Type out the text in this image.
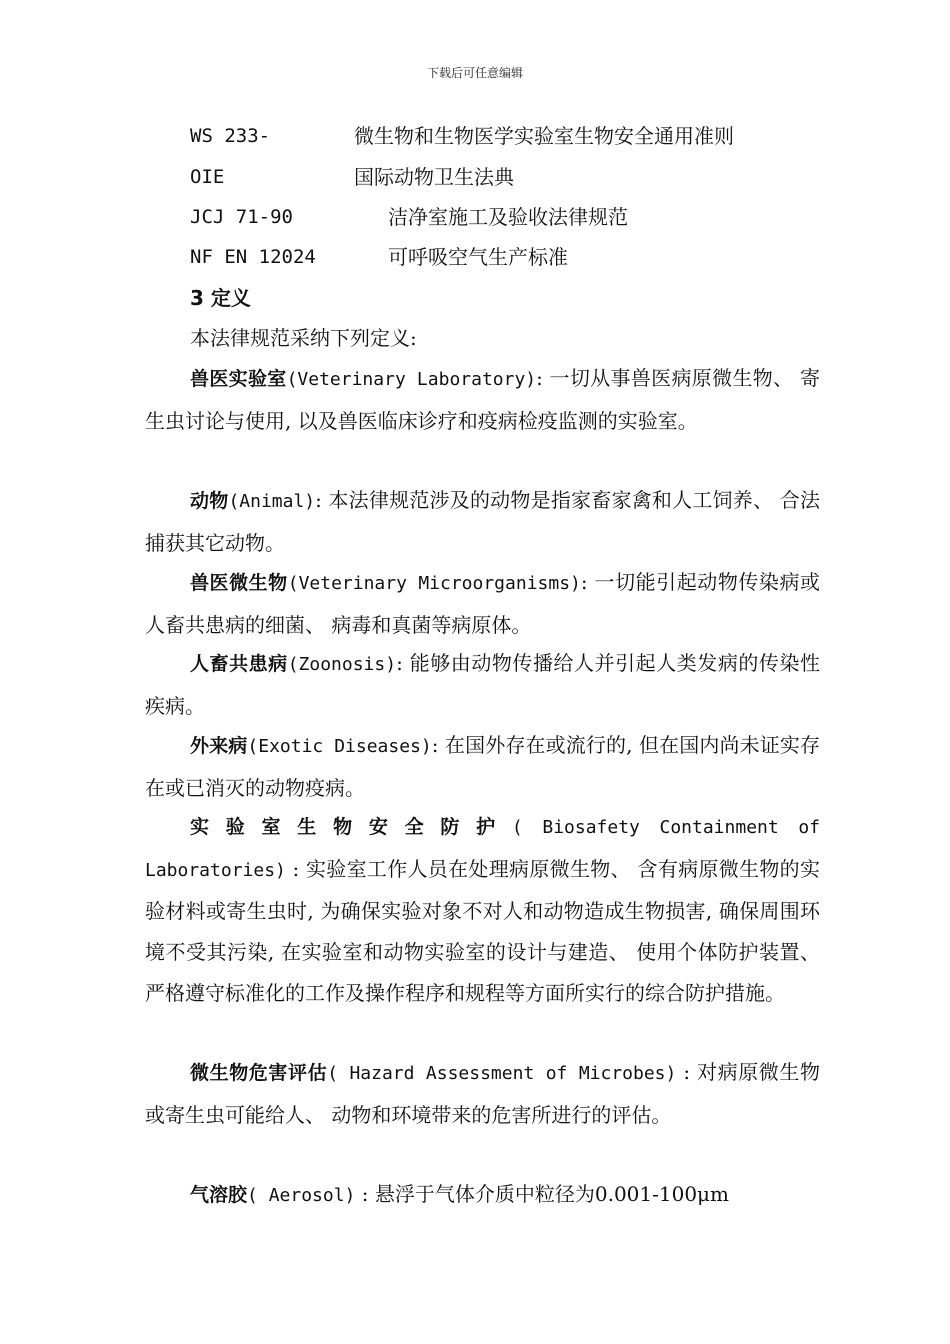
下载后可任意编辑
WS 233-	微生物和生物医学实验室生物安全通用准则
OIE	国际动物卫生法典
JCJ 71-90	洁净室施工及验收法律规范
NF EN 12024	可呼吸空气生产标准
3 定义
本法律规范采纳下列定义:

兽医实验室(Veterinary Laboratory): 一切从事兽医病原微生物、 寄生虫讨论与使用, 以及兽医临床诊疗和疫病检疫监测的实验室。

动物(Animal): 本法律规范涉及的动物是指家畜家禽和人工饲养、 合法捕获其它动物。

兽医微生物(Veterinary Microorganisms): 一切能引起动物传染病或人畜共患病的细菌、 病毒和真菌等病原体。

人畜共患病(Zoonosis): 能够由动物传播给人并引起人类发病的传染性疾病。

外来病(Exotic Diseases): 在国外存在或流行的, 但在国内尚未证实存在或已消灭的动物疫病。

实验室生物安全防护( Biosafety Containment of Laboratories) : 实验室工作人员在处理病原微生物、 含有病原微生物的实验材料或寄生虫时, 为确保实验对象不对人和动物造成生物损害, 确保周围环境不受其污染, 在实验室和动物实验室的设计与建造、 使用个体防护装置、 严格遵守标准化的工作及操作程序和规程等方面所实行的综合防护措施。

微生物危害评估( Hazard Assessment of Microbes) : 对病原微生物或寄生虫可能给人、 动物和环境带来的危害所进行的评估。

气溶胶( Aerosol) : 悬浮于气体介质中粒径为0.001-100μm
